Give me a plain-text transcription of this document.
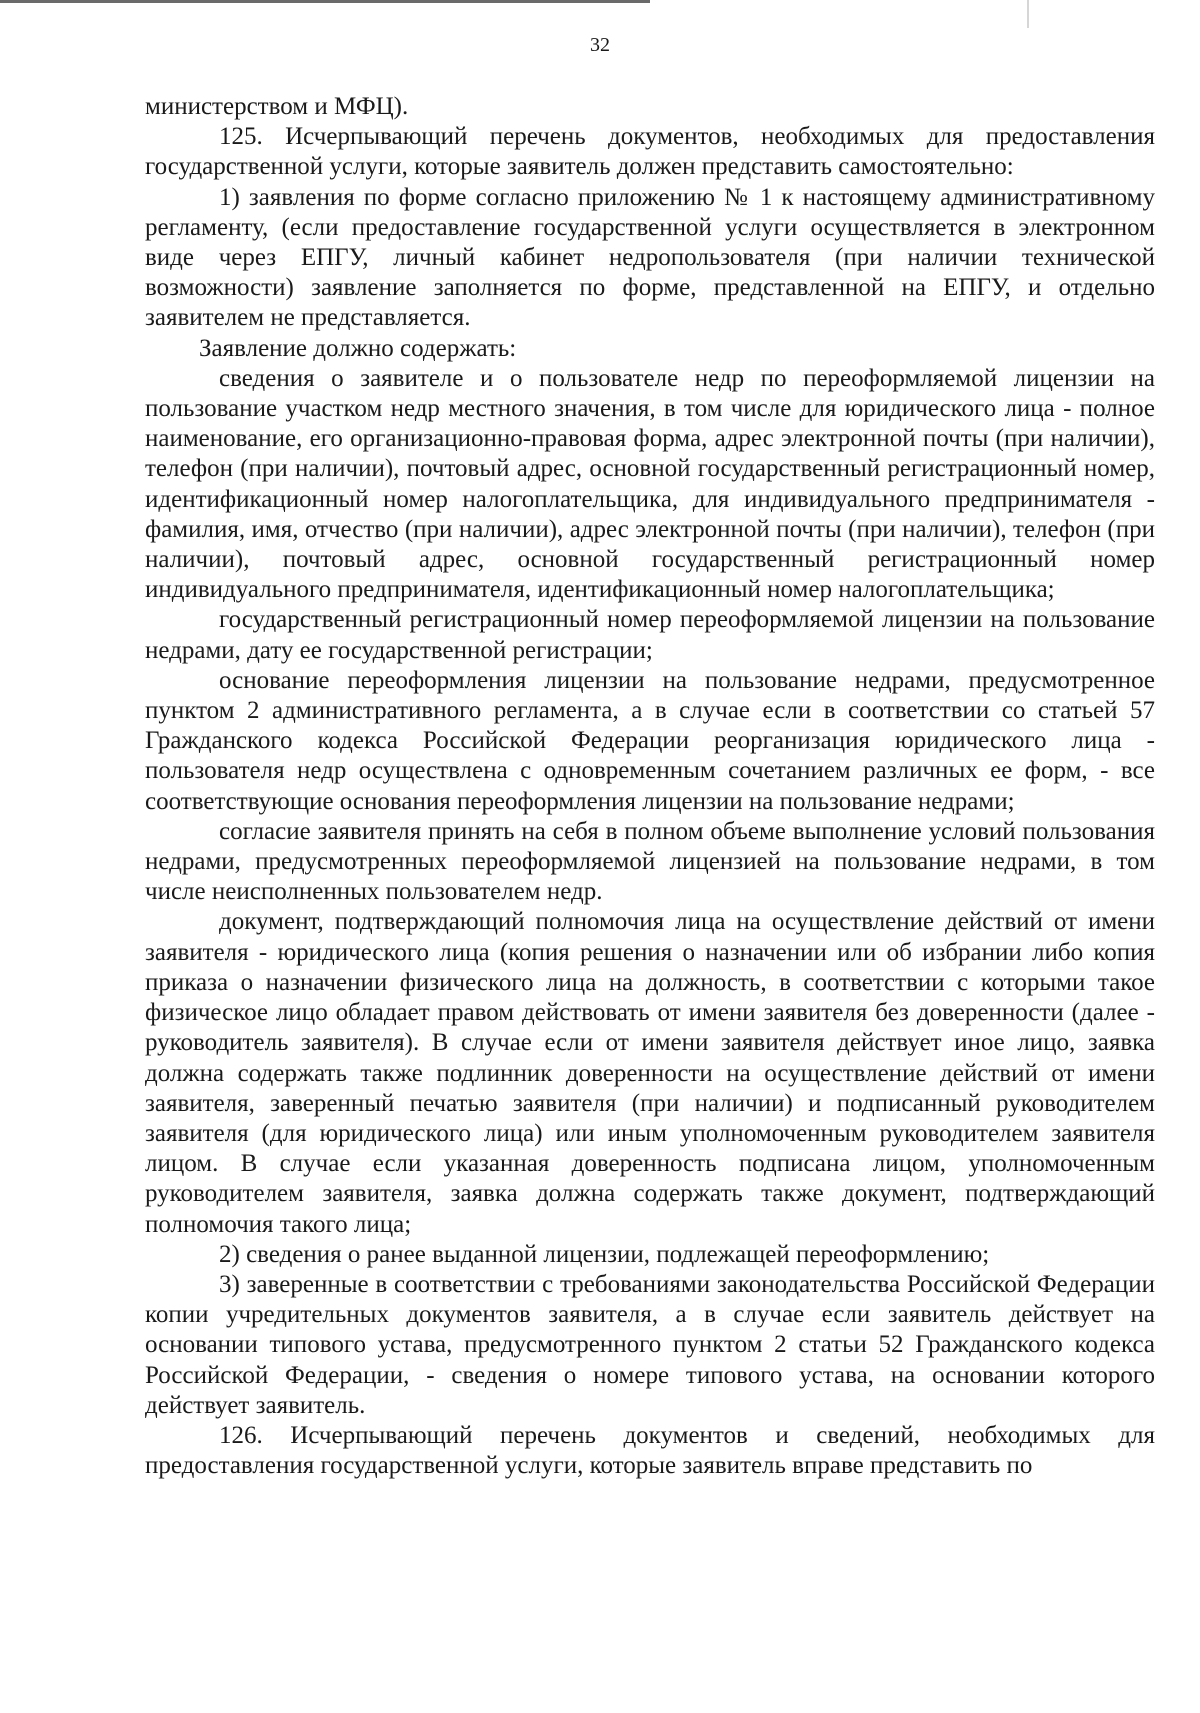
32

министерством и МФЦ).

125. Исчерпывающий перечень документов, необходимых для предоставления государственной услуги, которые заявитель должен представить самостоятельно:

1) заявления по форме согласно приложению № 1 к настоящему административному регламенту, (если предоставление государственной услуги осуществляется в электронном виде через ЕПГУ, личный кабинет недропользователя (при наличии технической возможности) заявление заполняется по форме, представленной на ЕПГУ, и отдельно заявителем не представляется.

Заявление должно содержать:

сведения о заявителе и о пользователе недр по переоформляемой лицензии на пользование участком недр местного значения, в том числе для юридического лица - полное наименование, его организационно-правовая форма, адрес электронной почты (при наличии), телефон (при наличии), почтовый адрес, основной государственный регистрационный номер, идентификационный номер налогоплательщика, для индивидуального предпринимателя - фамилия, имя, отчество (при наличии), адрес электронной почты (при наличии), телефон (при наличии), почтовый адрес, основной государственный регистрационный номер индивидуального предпринимателя, идентификационный номер налогоплательщика;

государственный регистрационный номер переоформляемой лицензии на пользование недрами, дату ее государственной регистрации;

основание переоформления лицензии на пользование недрами, предусмотренное пунктом 2 административного регламента, а в случае если в соответствии со статьей 57 Гражданского кодекса Российской Федерации реорганизация юридического лица - пользователя недр осуществлена с одновременным сочетанием различных ее форм, - все соответствующие основания переоформления лицензии на пользование недрами;

согласие заявителя принять на себя в полном объеме выполнение условий пользования недрами, предусмотренных переоформляемой лицензией на пользование недрами, в том числе неисполненных пользователем недр.

документ, подтверждающий полномочия лица на осуществление действий от имени заявителя - юридического лица (копия решения о назначении или об избрании либо копия приказа о назначении физического лица на должность, в соответствии с которыми такое физическое лицо обладает правом действовать от имени заявителя без доверенности (далее - руководитель заявителя). В случае если от имени заявителя действует иное лицо, заявка должна содержать также подлинник доверенности на осуществление действий от имени заявителя, заверенный печатью заявителя (при наличии) и подписанный руководителем заявителя (для юридического лица) или иным уполномоченным руководителем заявителя лицом. В случае если указанная доверенность подписана лицом, уполномоченным руководителем заявителя, заявка должна содержать также документ, подтверждающий полномочия такого лица;

2) сведения о ранее выданной лицензии, подлежащей переоформлению;

3) заверенные в соответствии с требованиями законодательства Российской Федерации копии учредительных документов заявителя, а в случае если заявитель действует на основании типового устава, предусмотренного пунктом 2 статьи 52 Гражданского кодекса Российской Федерации, - сведения о номере типового устава, на основании которого действует заявитель.

126. Исчерпывающий перечень документов и сведений, необходимых для предоставления государственной услуги, которые заявитель вправе представить по
